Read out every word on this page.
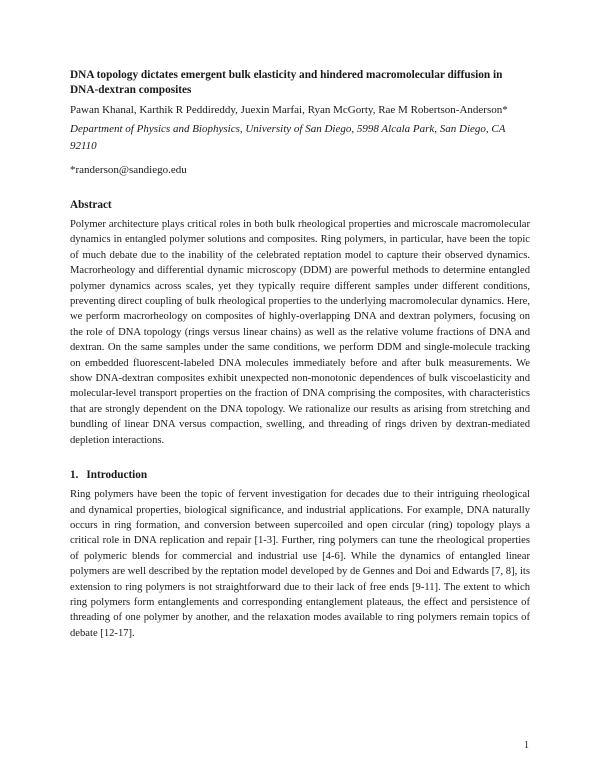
DNA topology dictates emergent bulk elasticity and hindered macromolecular diffusion in DNA-dextran composites

Pawan Khanal, Karthik R Peddireddy, Juexin Marfai, Ryan McGorty, Rae M Robertson-Anderson*

Department of Physics and Biophysics, University of San Diego, 5998 Alcala Park, San Diego, CA 92110

*randerson@sandiego.edu

Abstract

Polymer architecture plays critical roles in both bulk rheological properties and microscale macromolecular dynamics in entangled polymer solutions and composites. Ring polymers, in particular, have been the topic of much debate due to the inability of the celebrated reptation model to capture their observed dynamics. Macrorheology and differential dynamic microscopy (DDM) are powerful methods to determine entangled polymer dynamics across scales, yet they typically require different samples under different conditions, preventing direct coupling of bulk rheological properties to the underlying macromolecular dynamics. Here, we perform macrorheology on composites of highly-overlapping DNA and dextran polymers, focusing on the role of DNA topology (rings versus linear chains) as well as the relative volume fractions of DNA and dextran. On the same samples under the same conditions, we perform DDM and single-molecule tracking on embedded fluorescent-labeled DNA molecules immediately before and after bulk measurements. We show DNA-dextran composites exhibit unexpected non-monotonic dependences of bulk viscoelasticity and molecular-level transport properties on the fraction of DNA comprising the composites, with characteristics that are strongly dependent on the DNA topology. We rationalize our results as arising from stretching and bundling of linear DNA versus compaction, swelling, and threading of rings driven by dextran-mediated depletion interactions.

1. Introduction

Ring polymers have been the topic of fervent investigation for decades due to their intriguing rheological and dynamical properties, biological significance, and industrial applications. For example, DNA naturally occurs in ring formation, and conversion between supercoiled and open circular (ring) topology plays a critical role in DNA replication and repair [1-3]. Further, ring polymers can tune the rheological properties of polymeric blends for commercial and industrial use [4-6]. While the dynamics of entangled linear polymers are well described by the reptation model developed by de Gennes and Doi and Edwards [7, 8], its extension to ring polymers is not straightforward due to their lack of free ends [9-11]. The extent to which ring polymers form entanglements and corresponding entanglement plateaus, the effect and persistence of threading of one polymer by another, and the relaxation modes available to ring polymers remain topics of debate [12-17].

1
